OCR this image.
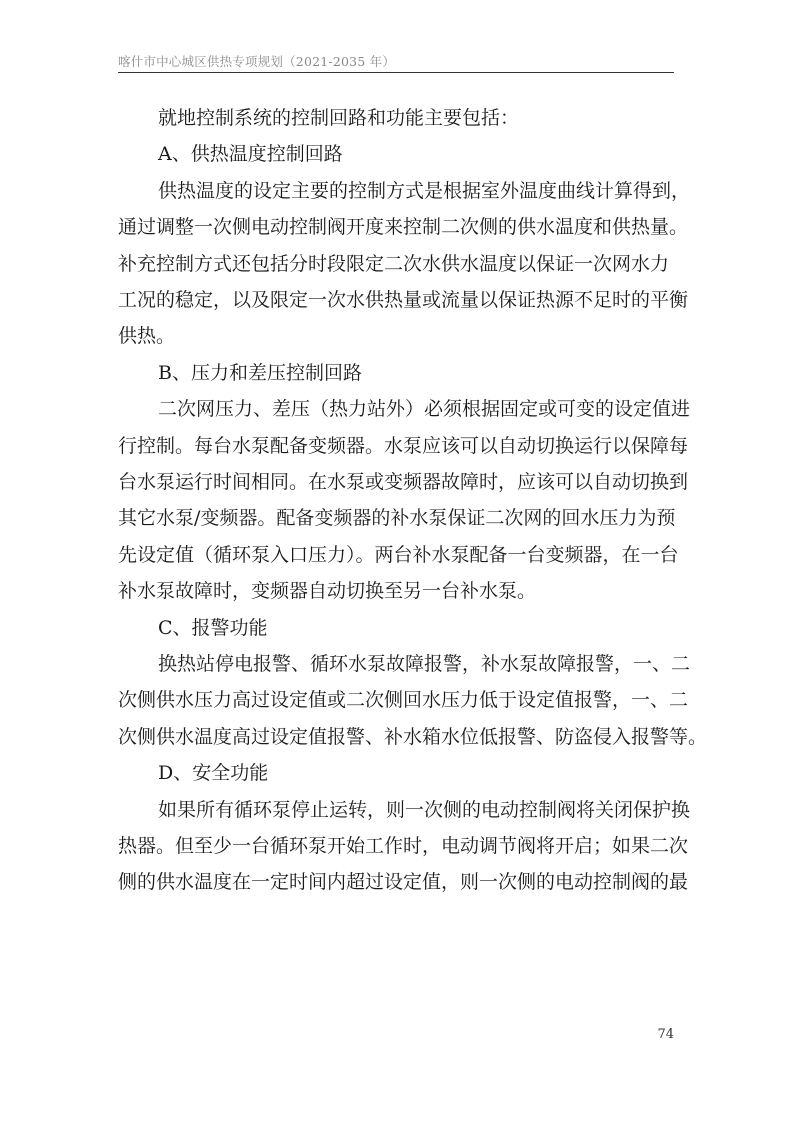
喀什市中心城区供热专项规划（2021-2035 年）
就地控制系统的控制回路和功能主要包括：
A、供热温度控制回路
供热温度的设定主要的控制方式是根据室外温度曲线计算得到，
通过调整一次侧电动控制阀开度来控制二次侧的供水温度和供热量。
补充控制方式还包括分时段限定二次水供水温度以保证一次网水力
工况的稳定，以及限定一次水供热量或流量以保证热源不足时的平衡
供热。
B、压力和差压控制回路
二次网压力、差压（热力站外）必须根据固定或可变的设定值进
行控制。每台水泵配备变频器。水泵应该可以自动切换运行以保障每
台水泵运行时间相同。在水泵或变频器故障时，应该可以自动切换到
其它水泵/变频器。配备变频器的补水泵保证二次网的回水压力为预
先设定值（循环泵入口压力）。两台补水泵配备一台变频器，在一台
补水泵故障时，变频器自动切换至另一台补水泵。
C、报警功能
换热站停电报警、循环水泵故障报警，补水泵故障报警，一、二
次侧供水压力高过设定值或二次侧回水压力低于设定值报警，一、二
次侧供水温度高过设定值报警、补水箱水位低报警、防盗侵入报警等。
D、安全功能
如果所有循环泵停止运转，则一次侧的电动控制阀将关闭保护换
热器。但至少一台循环泵开始工作时，电动调节阀将开启；如果二次
侧的供水温度在一定时间内超过设定值，则一次侧的电动控制阀的最
74
